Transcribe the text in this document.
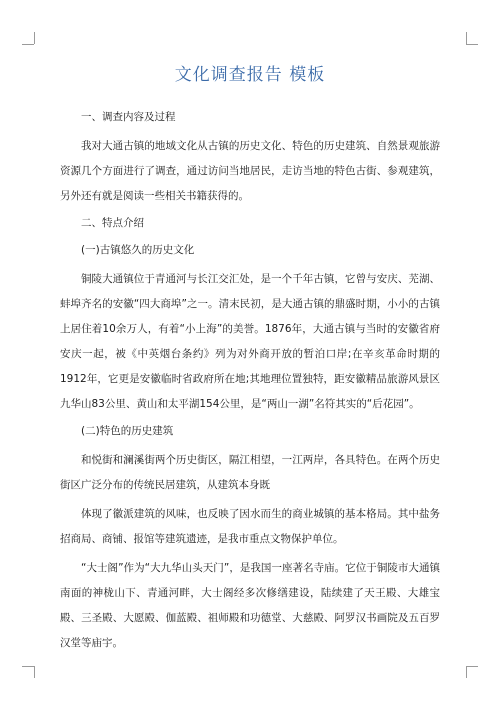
文化调查报告 模板
一、调查内容及过程

我对大通古镇的地域文化从古镇的历史文化、特色的历史建筑、自然景观旅游资源几个方面进行了调查，通过访问当地居民，走访当地的特色古街、参观建筑，另外还有就是阅读一些相关书籍获得的。

二、特点介绍
(一)古镇悠久的历史文化

铜陵大通镇位于青通河与长江交汇处，是一个千年古镇，它曾与安庆、芜湖、蚌埠齐名的安徽“四大商埠”之一。清末民初，是大通古镇的鼎盛时期，小小的古镇上居住着10余万人，有着“小上海”的美誉。1876年，大通古镇与当时的安徽省府安庆一起，被《中英烟台条约》列为对外商开放的暂泊口岸;在辛亥革命时期的1912年，它更是安徽临时省政府所在地;其地理位置独特，距安徽精品旅游风景区九华山83公里、黄山和太平湖154公里，是“两山一湖”名符其实的“后花园”。

(二)特色的历史建筑

和悦街和澜溪街两个历史街区，隔江相望，一江两岸，各具特色。在两个历史街区广泛分布的传统民居建筑，从建筑本身既

体现了徽派建筑的风味，也反映了因水而生的商业城镇的基本格局。其中盐务招商局、商铺、报馆等建筑遗迹，是我市重点文物保护单位。

“大士阁”作为“大九华山头天门”，是我国一座著名寺庙。它位于铜陵市大通镇南面的神栊山下、青通河畔，大士阁经多次修缮建设，陆续建了天王殿、大雄宝殿、三圣殿、大愿殿、伽蓝殿、祖师殿和功德堂、大慈殿、阿罗汉书画院及五百罗汉堂等庙宇。
